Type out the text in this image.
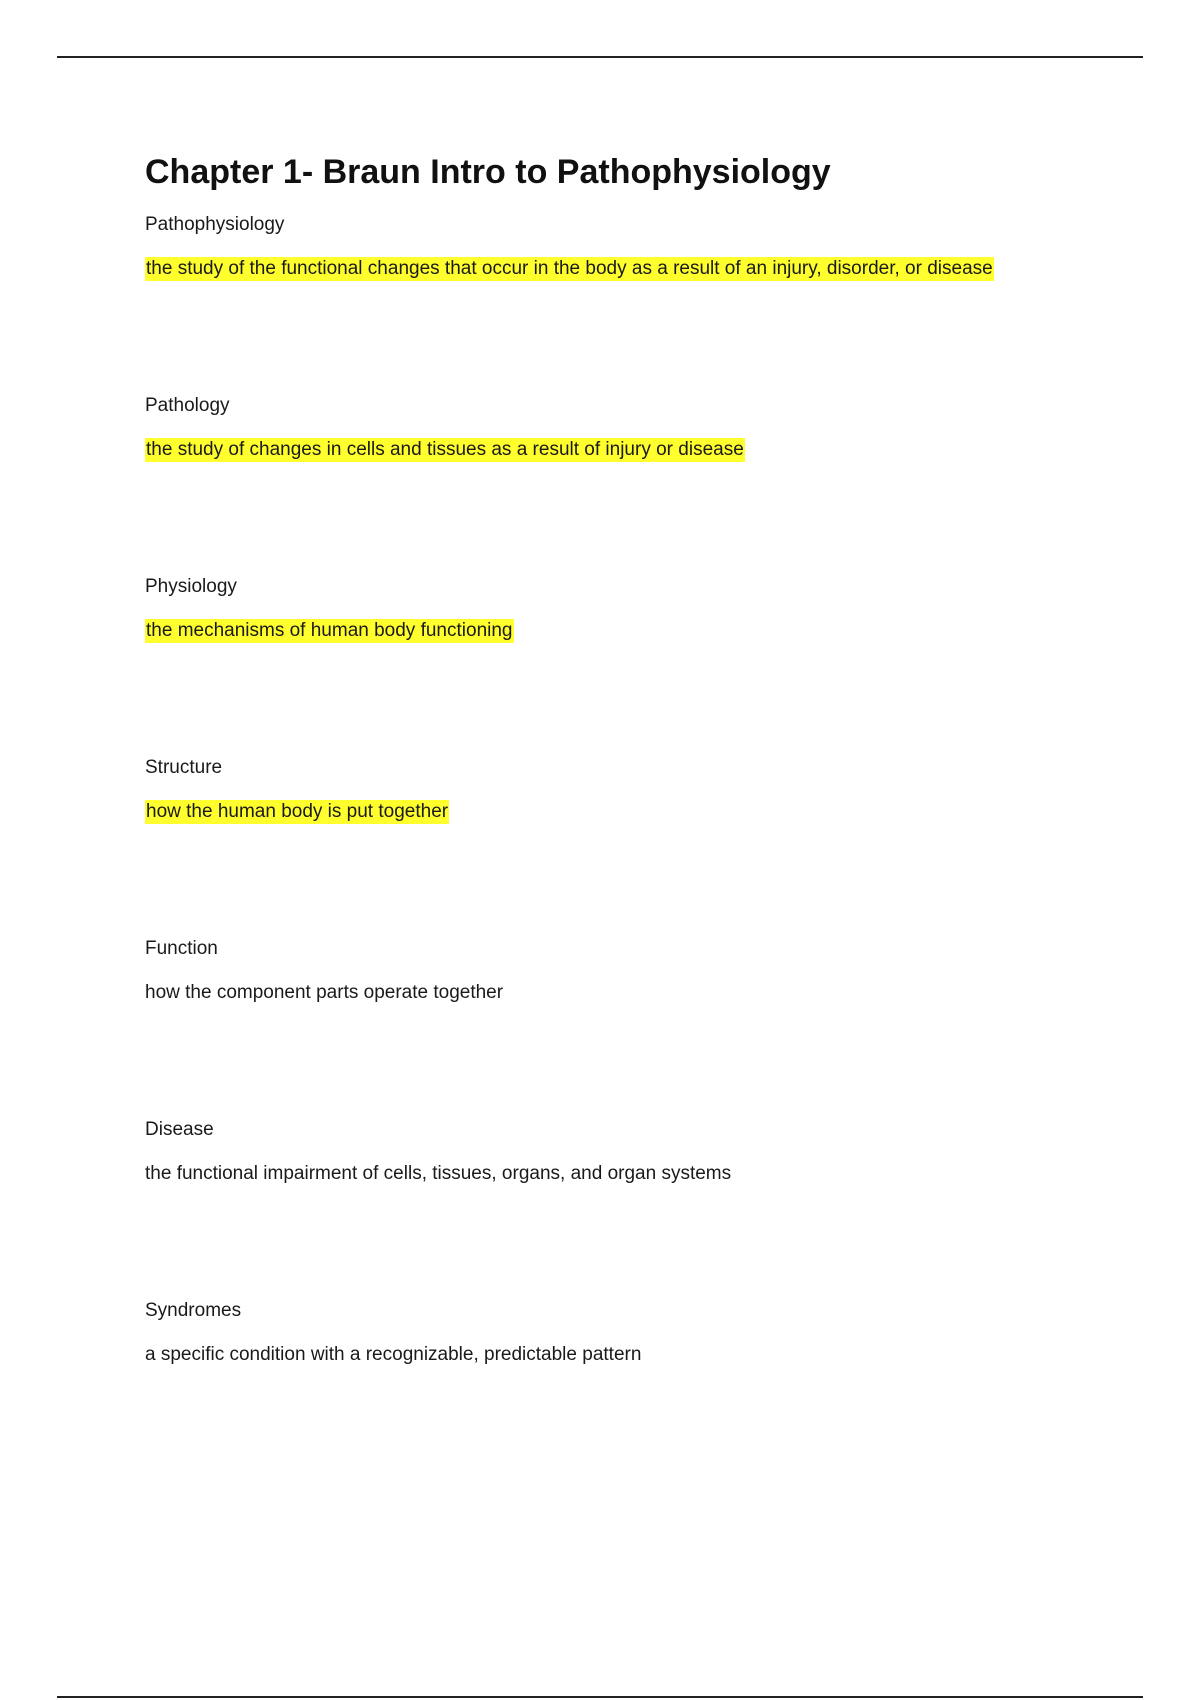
Chapter 1- Braun Intro to Pathophysiology

Pathophysiology

the study of the functional changes that occur in the body as a result of an injury, disorder, or disease

Pathology

the study of changes in cells and tissues as a result of injury or disease

Physiology

the mechanisms of human body functioning

Structure

how the human body is put together

Function

how the component parts operate together

Disease

the functional impairment of cells, tissues, organs, and organ systems

Syndromes

a specific condition with a recognizable, predictable pattern
